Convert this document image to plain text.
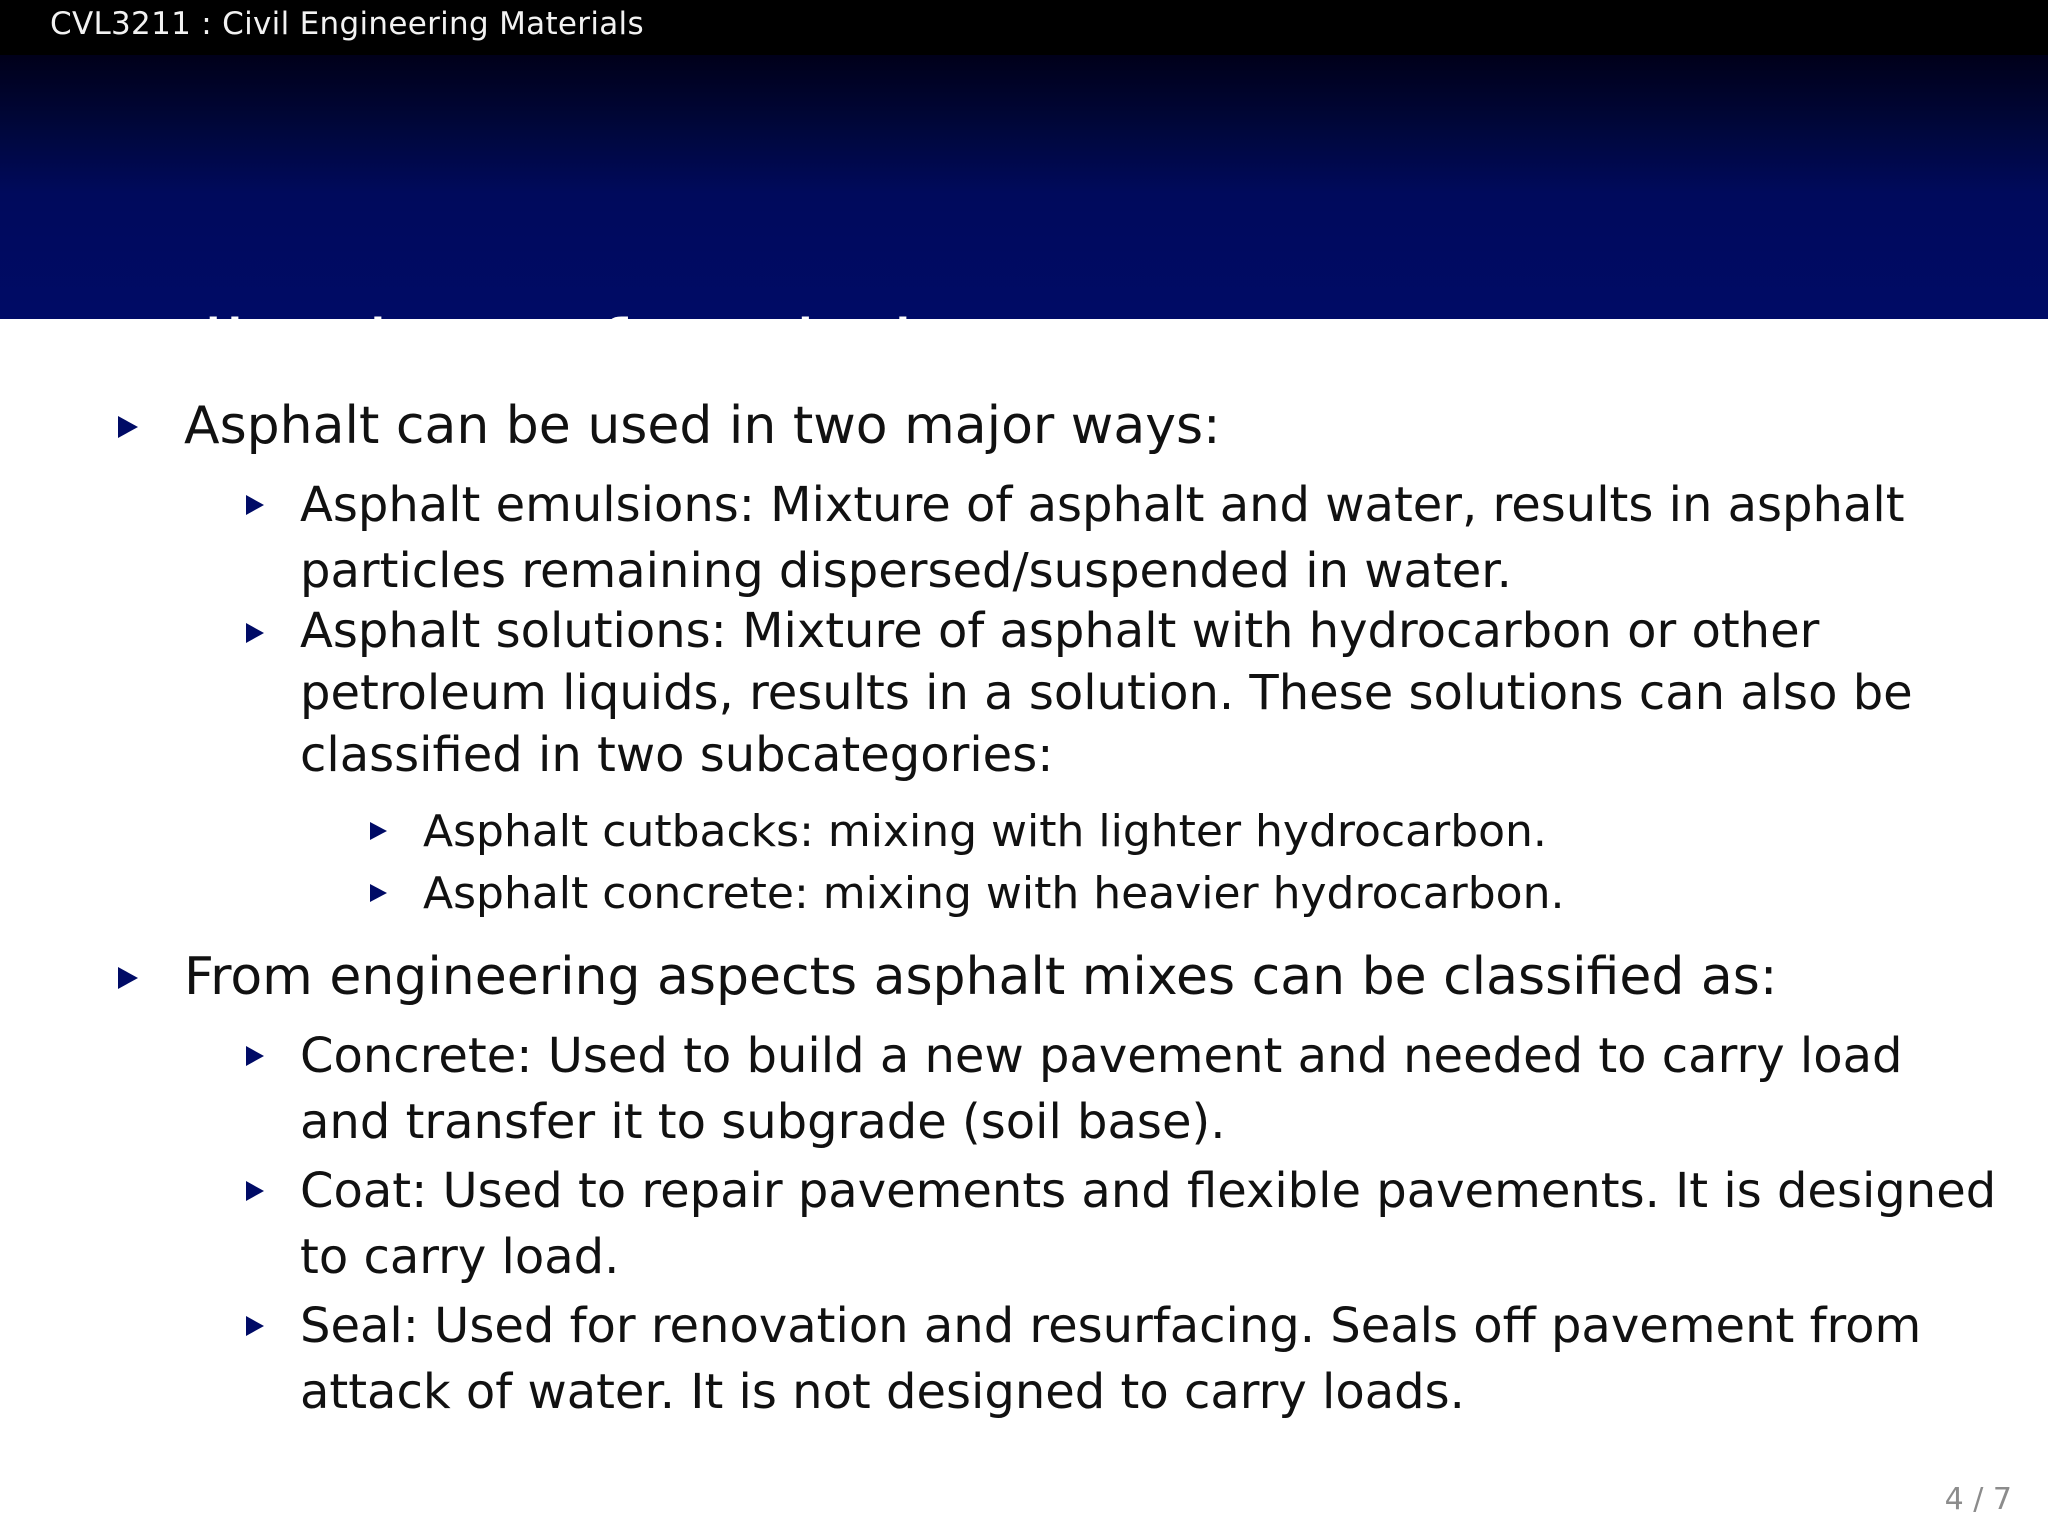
CVL3211 : Civil Engineering Materials
Applications of Asphalt
Asphalt can be used in two major ways:
Asphalt emulsions: Mixture of asphalt and water, results in asphalt particles remaining dispersed/suspended in water.
Asphalt solutions: Mixture of asphalt with hydrocarbon or other petroleum liquids, results in a solution. These solutions can also be classified in two subcategories:
Asphalt cutbacks: mixing with lighter hydrocarbon.
Asphalt concrete: mixing with heavier hydrocarbon.
From engineering aspects asphalt mixes can be classified as:
Concrete: Used to build a new pavement and needed to carry load and transfer it to subgrade (soil base).
Coat: Used to repair pavements and flexible pavements. It is designed to carry load.
Seal: Used for renovation and resurfacing. Seals off pavement from attack of water. It is not designed to carry loads.
4 / 7
